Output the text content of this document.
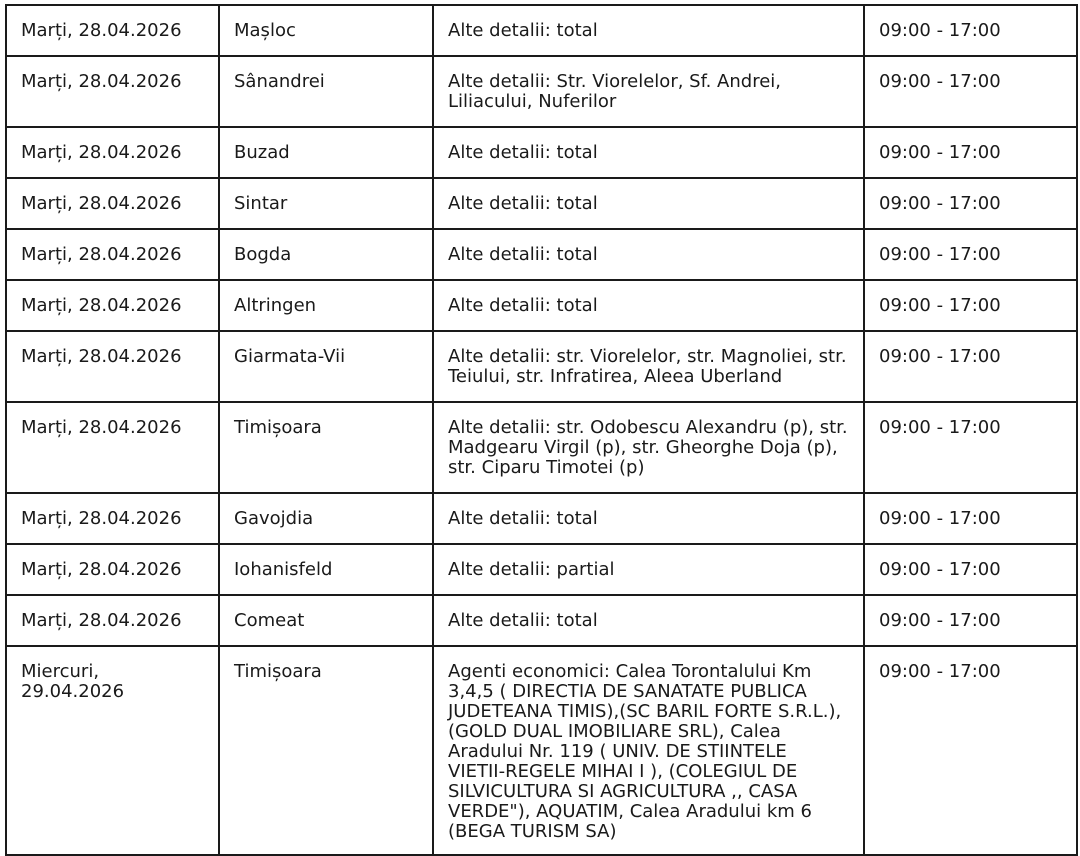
Marți, 28.04.2026	Mașloc	Alte detalii: total	09:00 - 17:00
Marți, 28.04.2026	Sânandrei	Alte detalii: Str. Viorelelor, Sf. Andrei, Liliacului, Nuferilor	09:00 - 17:00
Marți, 28.04.2026	Buzad	Alte detalii: total	09:00 - 17:00
Marți, 28.04.2026	Sintar	Alte detalii: total	09:00 - 17:00
Marți, 28.04.2026	Bogda	Alte detalii: total	09:00 - 17:00
Marți, 28.04.2026	Altringen	Alte detalii: total	09:00 - 17:00
Marți, 28.04.2026	Giarmata-Vii	Alte detalii: str. Viorelelor, str. Magnoliei, str. Teiului, str. Infratirea, Aleea Uberland	09:00 - 17:00
Marți, 28.04.2026	Timișoara	Alte detalii: str. Odobescu Alexandru (p), str. Madgearu Virgil (p), str. Gheorghe Doja (p), str. Ciparu Timotei (p)	09:00 - 17:00
Marți, 28.04.2026	Gavojdia	Alte detalii: total	09:00 - 17:00
Marți, 28.04.2026	Iohanisfeld	Alte detalii: partial	09:00 - 17:00
Marți, 28.04.2026	Comeat	Alte detalii: total	09:00 - 17:00
Miercuri, 29.04.2026	Timișoara	Agenti economici: Calea Torontalului Km 3,4,5 ( DIRECTIA DE SANATATE PUBLICA JUDETEANA TIMIS),(SC BARIL FORTE S.R.L.),(GOLD DUAL IMOBILIARE SRL), Calea Aradului Nr. 119 ( UNIV. DE STIINTELE VIETII-REGELE MIHAI I ), (COLEGIUL DE SILVICULTURA SI AGRICULTURA ,, CASA VERDE"), AQUATIM, Calea Aradului km 6 (BEGA TURISM SA)	09:00 - 17:00
